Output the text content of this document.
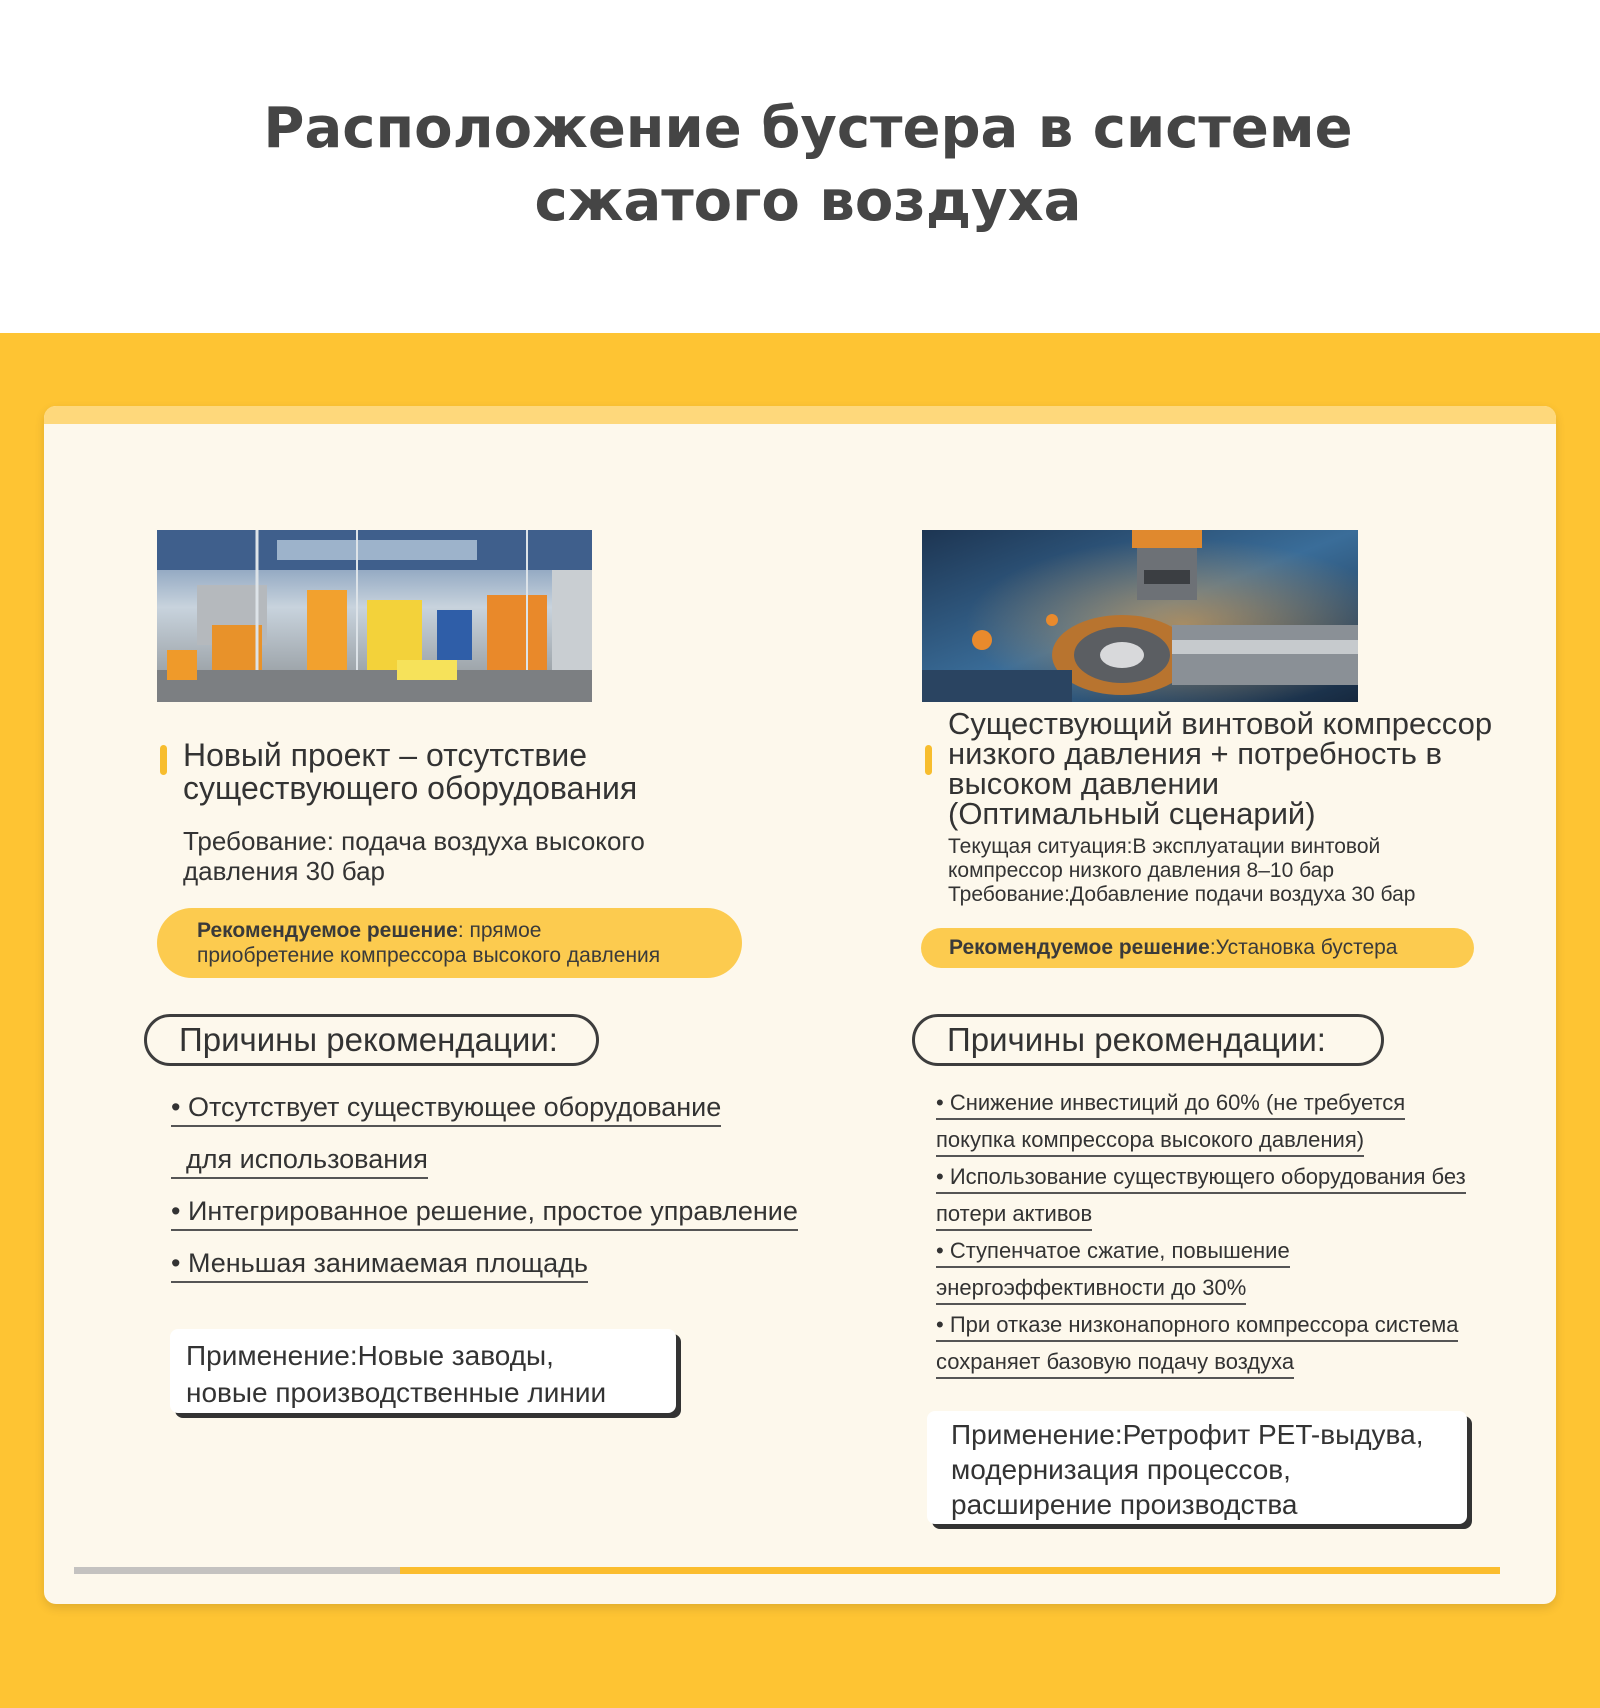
Расположение бустера в системе
сжатого воздуха
Новый проект – отсутствие
существующего оборудования
Требование: подача воздуха высокого
давления 30 бар
Рекомендуемое решение: прямое
приобретение компрессора высокого давления
Причины рекомендации:
• Отсутствует существующее оборудование
для использования
• Интегрированное решение, простое управление
• Меньшая занимаемая площадь
Применение:Новые заводы,
новые производственные линии
Существующий винтовой компрессор
низкого давления + потребность в
высоком давлении
(Оптимальный сценарий)
Текущая ситуация:В эксплуатации винтовой
компрессор низкого давления 8–10 бар
Требование:Добавление подачи воздуха 30 бар
Рекомендуемое решение:Установка бустера
Причины рекомендации:
• Снижение инвестиций до 60% (не требуется
покупка компрессора высокого давления)
• Использование существующего оборудования без
потери активов
• Ступенчатое сжатие, повышение
энергоэффективности до 30%
• При отказе низконапорного компрессора система
сохраняет базовую подачу воздуха
Применение:Ретрофит PET-выдува,
модернизация процессов,
расширение производства
